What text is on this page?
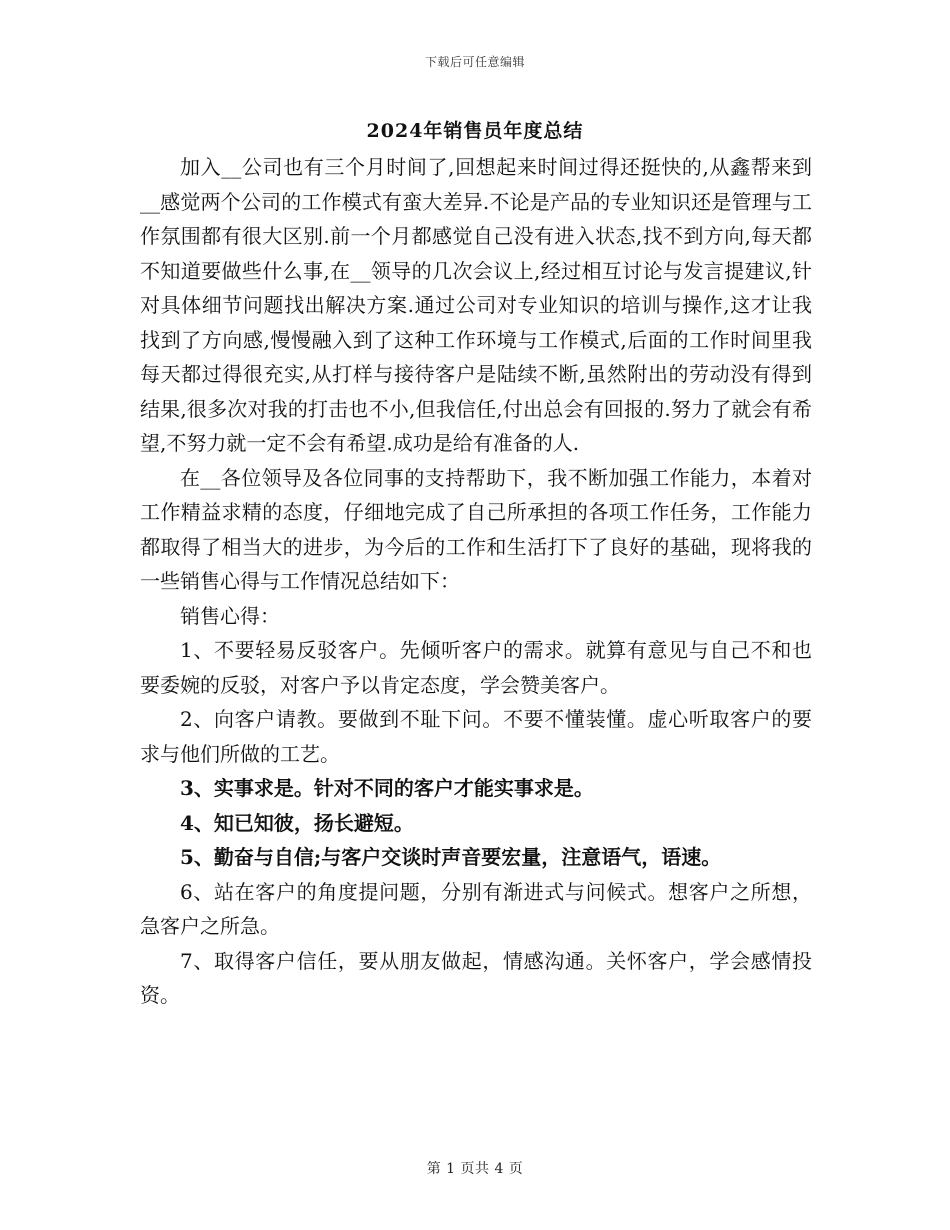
下载后可任意编辑
2024年销售员年度总结

加入__公司也有三个月时间了,回想起来时间过得还挺快的,从鑫帮来到__感觉两个公司的工作模式有蛮大差异.不论是产品的专业知识还是管理与工作氛围都有很大区别.前一个月都感觉自己没有进入状态,找不到方向,每天都不知道要做些什么事,在__领导的几次会议上,经过相互讨论与发言提建议,针对具体细节问题找出解决方案.通过公司对专业知识的培训与操作,这才让我找到了方向感,慢慢融入到了这种工作环境与工作模式,后面的工作时间里我每天都过得很充实,从打样与接待客户是陆续不断,虽然附出的劳动没有得到结果,很多次对我的打击也不小,但我信任,付出总会有回报的.努力了就会有希望,不努力就一定不会有希望.成功是给有准备的人.

在__各位领导及各位同事的支持帮助下，我不断加强工作能力，本着对工作精益求精的态度，仔细地完成了自己所承担的各项工作任务，工作能力都取得了相当大的进步，为今后的工作和生活打下了良好的基础，现将我的一些销售心得与工作情况总结如下：

销售心得：

1、不要轻易反驳客户。先倾听客户的需求。就算有意见与自己不和也要委婉的反驳，对客户予以肯定态度，学会赞美客户。

2、向客户请教。要做到不耻下问。不要不懂装懂。虚心听取客户的要求与他们所做的工艺。

3、实事求是。针对不同的客户才能实事求是。

4、知已知彼，扬长避短。

5、勤奋与自信;与客户交谈时声音要宏量，注意语气，语速。

6、站在客户的角度提问题，分别有渐进式与问候式。想客户之所想，急客户之所急。

7、取得客户信任，要从朋友做起，情感沟通。关怀客户，学会感情投资。

第 1 页共 4 页
